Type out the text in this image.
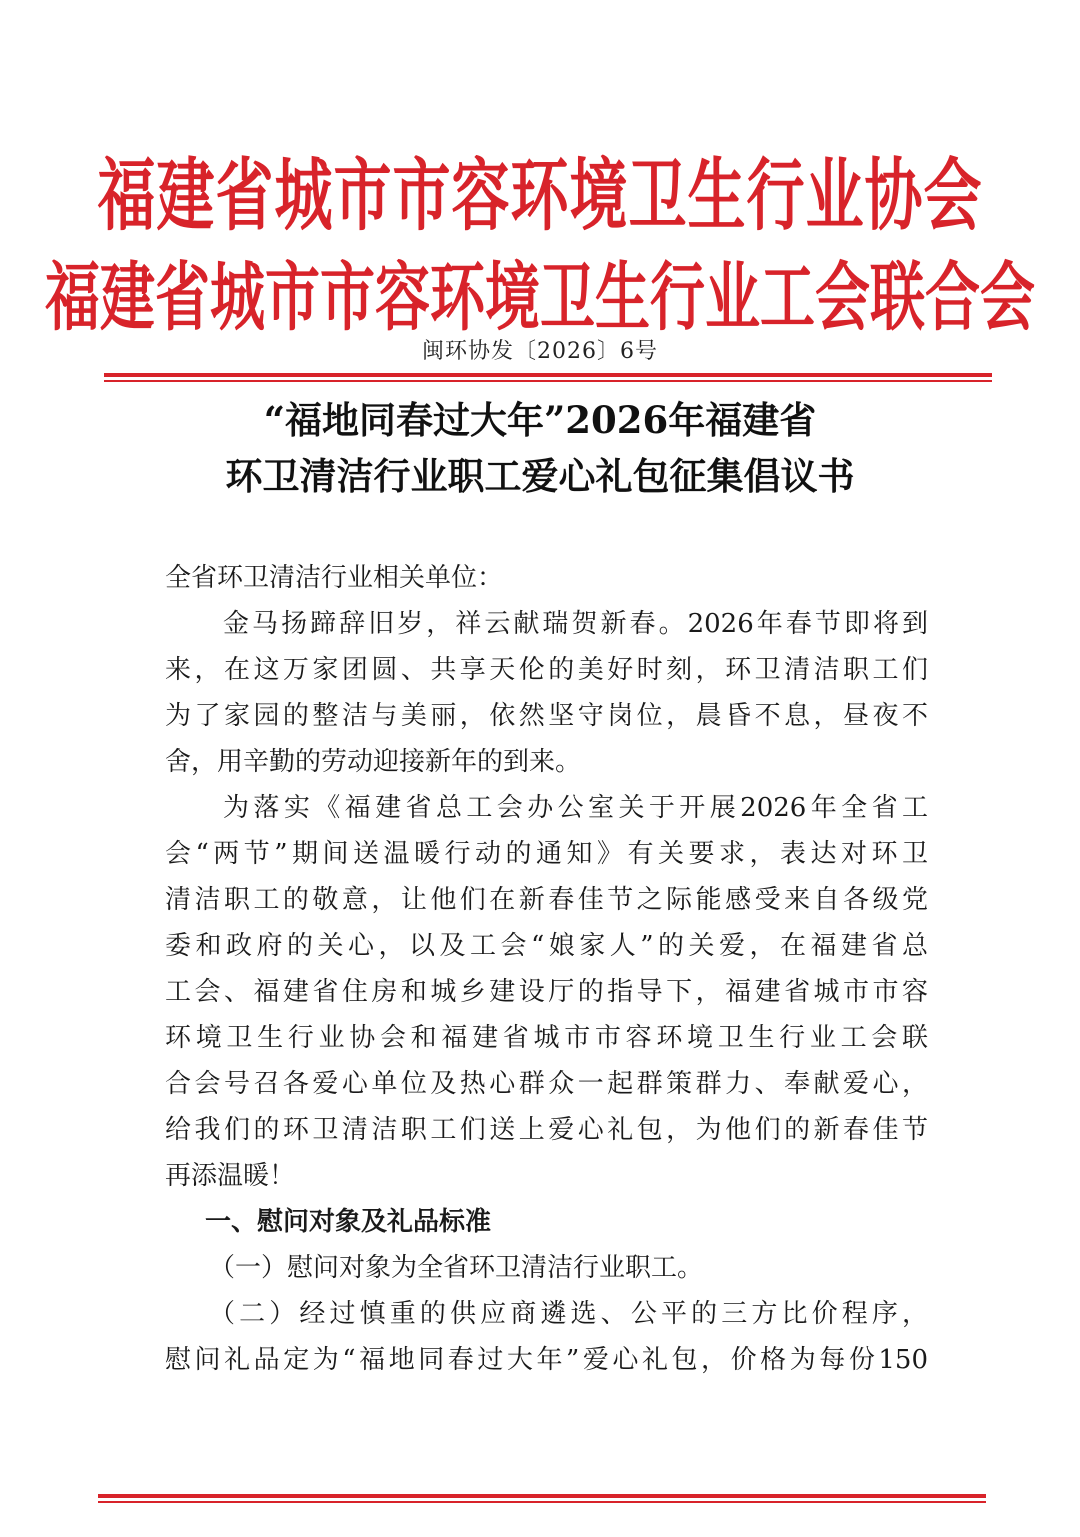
福建省城市市容环境卫生行业协会
福建省城市市容环境卫生行业工会联合会
闽环协发〔2026〕6号
“福地同春过大年”2026年福建省
环卫清洁行业职工爱心礼包征集倡议书
全省环卫清洁行业相关单位：
金马扬蹄辞旧岁，祥云献瑞贺新春。2026年春节即将到
来，在这万家团圆、共享天伦的美好时刻，环卫清洁职工们
为了家园的整洁与美丽，依然坚守岗位，晨昏不息，昼夜不
舍，用辛勤的劳动迎接新年的到来。
为落实《福建省总工会办公室关于开展2026年全省工
会“两节”期间送温暖行动的通知》有关要求，表达对环卫
清洁职工的敬意，让他们在新春佳节之际能感受来自各级党
委和政府的关心，以及工会“娘家人”的关爱，在福建省总
工会、福建省住房和城乡建设厅的指导下，福建省城市市容
环境卫生行业协会和福建省城市市容环境卫生行业工会联
合会号召各爱心单位及热心群众一起群策群力、奉献爱心，
给我们的环卫清洁职工们送上爱心礼包，为他们的新春佳节
再添温暖！
一、慰问对象及礼品标准
（一）慰问对象为全省环卫清洁行业职工。
（二）经过慎重的供应商遴选、公平的三方比价程序，
慰问礼品定为“福地同春过大年”爱心礼包，价格为每份150
